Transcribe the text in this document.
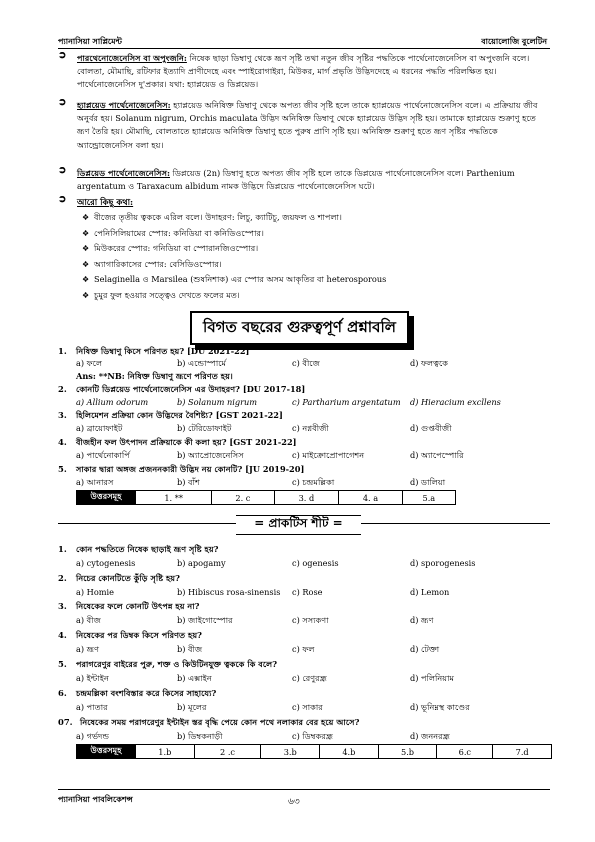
প্যানাসিয়া সাপ্লিমেন্ট	বায়োলোজি বুলেটিন
➲ পারথেনোজেনেসিস বা অপুংজনি: নিষেক ছাড়া ডিম্বাণু থেকে ভ্রূণ সৃষ্টি তথা নতুন জীব সৃষ্টির পদ্ধতিকে পার্থেনোজেনেসিস বা অপুংজনি বলে। বোলতা, মৌমাছি, রটিফার ইত্যাদি প্রাণীদেহে এবং স্পাইরোগাইরা, মিউকর, মার্গ প্রভৃতি উদ্ভিদদেহে এ ধরনের পদ্ধতি পরিলক্ষিত হয়। পার্থেনোজেনেসিস দু'প্রকার। যথা: হ্যাপ্লয়েড ও ডিপ্লয়েড।
➲ হ্যাপ্লয়েড পার্থেনোজেনেসিস: হ্যাপ্লয়েড অনিষিক্ত ডিম্বাণু থেকে অপত্য জীব সৃষ্টি হলে তাকে হ্যাপ্লয়েড পার্থেনোজেনেসিস বলে। এ প্রক্রিয়ায় জীব অনুর্বর হয়। Solanum nigrum, Orchis maculata উদ্ভিদ অনিষিক্ত ডিম্বাণু থেকে হ্যাপ্লয়েড উদ্ভিদ সৃষ্টি হয়। তামাকে হ্যাপ্লয়েড শুক্রাণু হতে ভ্রূণ তৈরি হয়। মৌমাছি, বোলতাতে হ্যাপ্লয়েড অনিষিক্ত ডিম্বাণু হতে পুরুষ প্রাণি সৃষ্টি হয়। অনিষিক্ত শুক্রাণু হতে ভ্রূণ সৃষ্টির পদ্ধতিকে অ্যান্ড্রোজেনেসিস বলা হয়।
➲ ডিপ্লয়েড পার্থেনোজেনেসিস: ডিপ্লয়েড (2n) ডিম্বাণু হতে অপত্য জীব সৃষ্টি হলে তাকে ডিপ্লয়েড পার্থেনোজেনেসিস বলে। Parthenium argentatum ও Taraxacum albidum নামক উদ্ভিদে ডিপ্লয়েড পার্থেনোজেনেসিস ঘটে।
➲ আরো কিছু কথা:
❖ বীজের তৃতীয় ত্বককে এরিল বলে। উদাহরণ: লিচু, ক্যাটিচু, জয়ফল ও শাপলা।
❖ পেনিসিলিয়ামের স্পোর: কনিডিয়া বা কনিডিওস্পোর।
❖ মিউকরের স্পোর: গনিডিয়া বা স্পোরানজিওস্পোর।
❖ অ্যাগারিকাসের স্পোর: বেসিডিওস্পোর।
❖ Selaginella ও Marsilea (শুষনিশাক) এর স্পোর অসম আকৃতির বা heterosporous
❖ চুমুর ফুল হওয়ার সত্ত্বেও দেখতে ফলের মত।
বিগত বছরের গুরুত্বপূর্ণ প্রশ্নাবলি
1. নিষিক্ত ডিম্বাণু কিসে পরিণত হয়? [DU 2021-22]
a) ফলে	b) এন্ডোস্পার্মে	c) বীজে	d) ফলত্বকে
Ans: **NB: নিষিক্ত ডিম্বাণু ভ্রূণে পরিণত হয়।
2. কোনটি ডিপ্লয়েড পার্থেনোজেনেসিস এর উদাহরণ? [DU 2017-18]
a) Allium odorum	b) Solanum nigrum	c) Partharium argentatum d) Hieracium excllens
3. হিলিমেশন প্রক্রিয়া কোন উদ্ভিদের বৈশিষ্ট্য? [GST 2021-22]
a) ব্রায়োফাইট	b) টেরিডোফাইট	c) নগ্নবীজী	d) গুপ্তবীজী
4. বীজহীন ফল উৎপাদন প্রক্রিয়াকে কী কলা হয়? [GST 2021-22]
a) পার্থেনোকার্পি	b) অ্যাপ্রোজেনেসিস	c) মাইক্রোপ্রোপাগেশন	d) অ্যাপেস্পোরি
5. সাকার দ্বারা অঙ্গজ প্রজননকারী উদ্ভিদ নয় কোনটি? [JU 2019-20]
a) আনারস	b) বাঁশ	c) চন্দ্রমল্লিকা	d) ডালিয়া
উত্তরসমূহ	1. **	2. c	3. d	4. a	5.a
= প্রাকটিস শীট =
1. কোন পদ্ধতিতে নিষেক ছাড়াই ভ্রূণ সৃষ্টি হয়?
a) cytogenesis	b) apogamy	c) ogenesis	d) sporogenesis
2. নিচের কোনটিতে কুঁড়ি সৃষ্টি হয়?
a) Homie	b) Hibiscus rosa-sinensis c) Rose	d) Lemon
3. নিষেকের ফলে কোনটি উৎপন্ন হয় না?
a) বীজ	b) জাইগোস্পোর	c) সস্যকণা	d) ভ্রূণ
4. নিষেকের পর ডিম্বক কিসে পরিণত হয়?
a) ভ্রূণ	b) বীজ	c) ফল	d) টেক্তা
5. পরাগরেণুর বাইরের পুরু, শক্ত ও কিউটিনযুক্ত ত্বককে কি বলে?
a) ইন্টাইন	b) এক্সাইন	c) রেণুরন্ধ্র	d) পলিনিয়াম
6. চন্দ্রমল্লিকা বংশবিস্তার করে কিসের সাহায্যে?
a) পাতার	b) মূলের	c) সাকার	d) ভূনিম্নস্থ কাণ্ডের
07. নিষেকের সময় পরাগরেণুর ইন্টাইন স্তর বৃদ্ধি পেয়ে কোন পথে নলাকার বের হয়ে আসে?
a) গর্ভদন্ড	b) ডিম্বকনাড়ী	c) ডিম্বকরন্ধ্র	d) জননরন্ধ্র
উত্তরসমূহ	1.b	2 .c	3.b	4.b	5.b	6.c	7.d
প্যানাসিয়া পাবলিকেশন্স	৬৩
